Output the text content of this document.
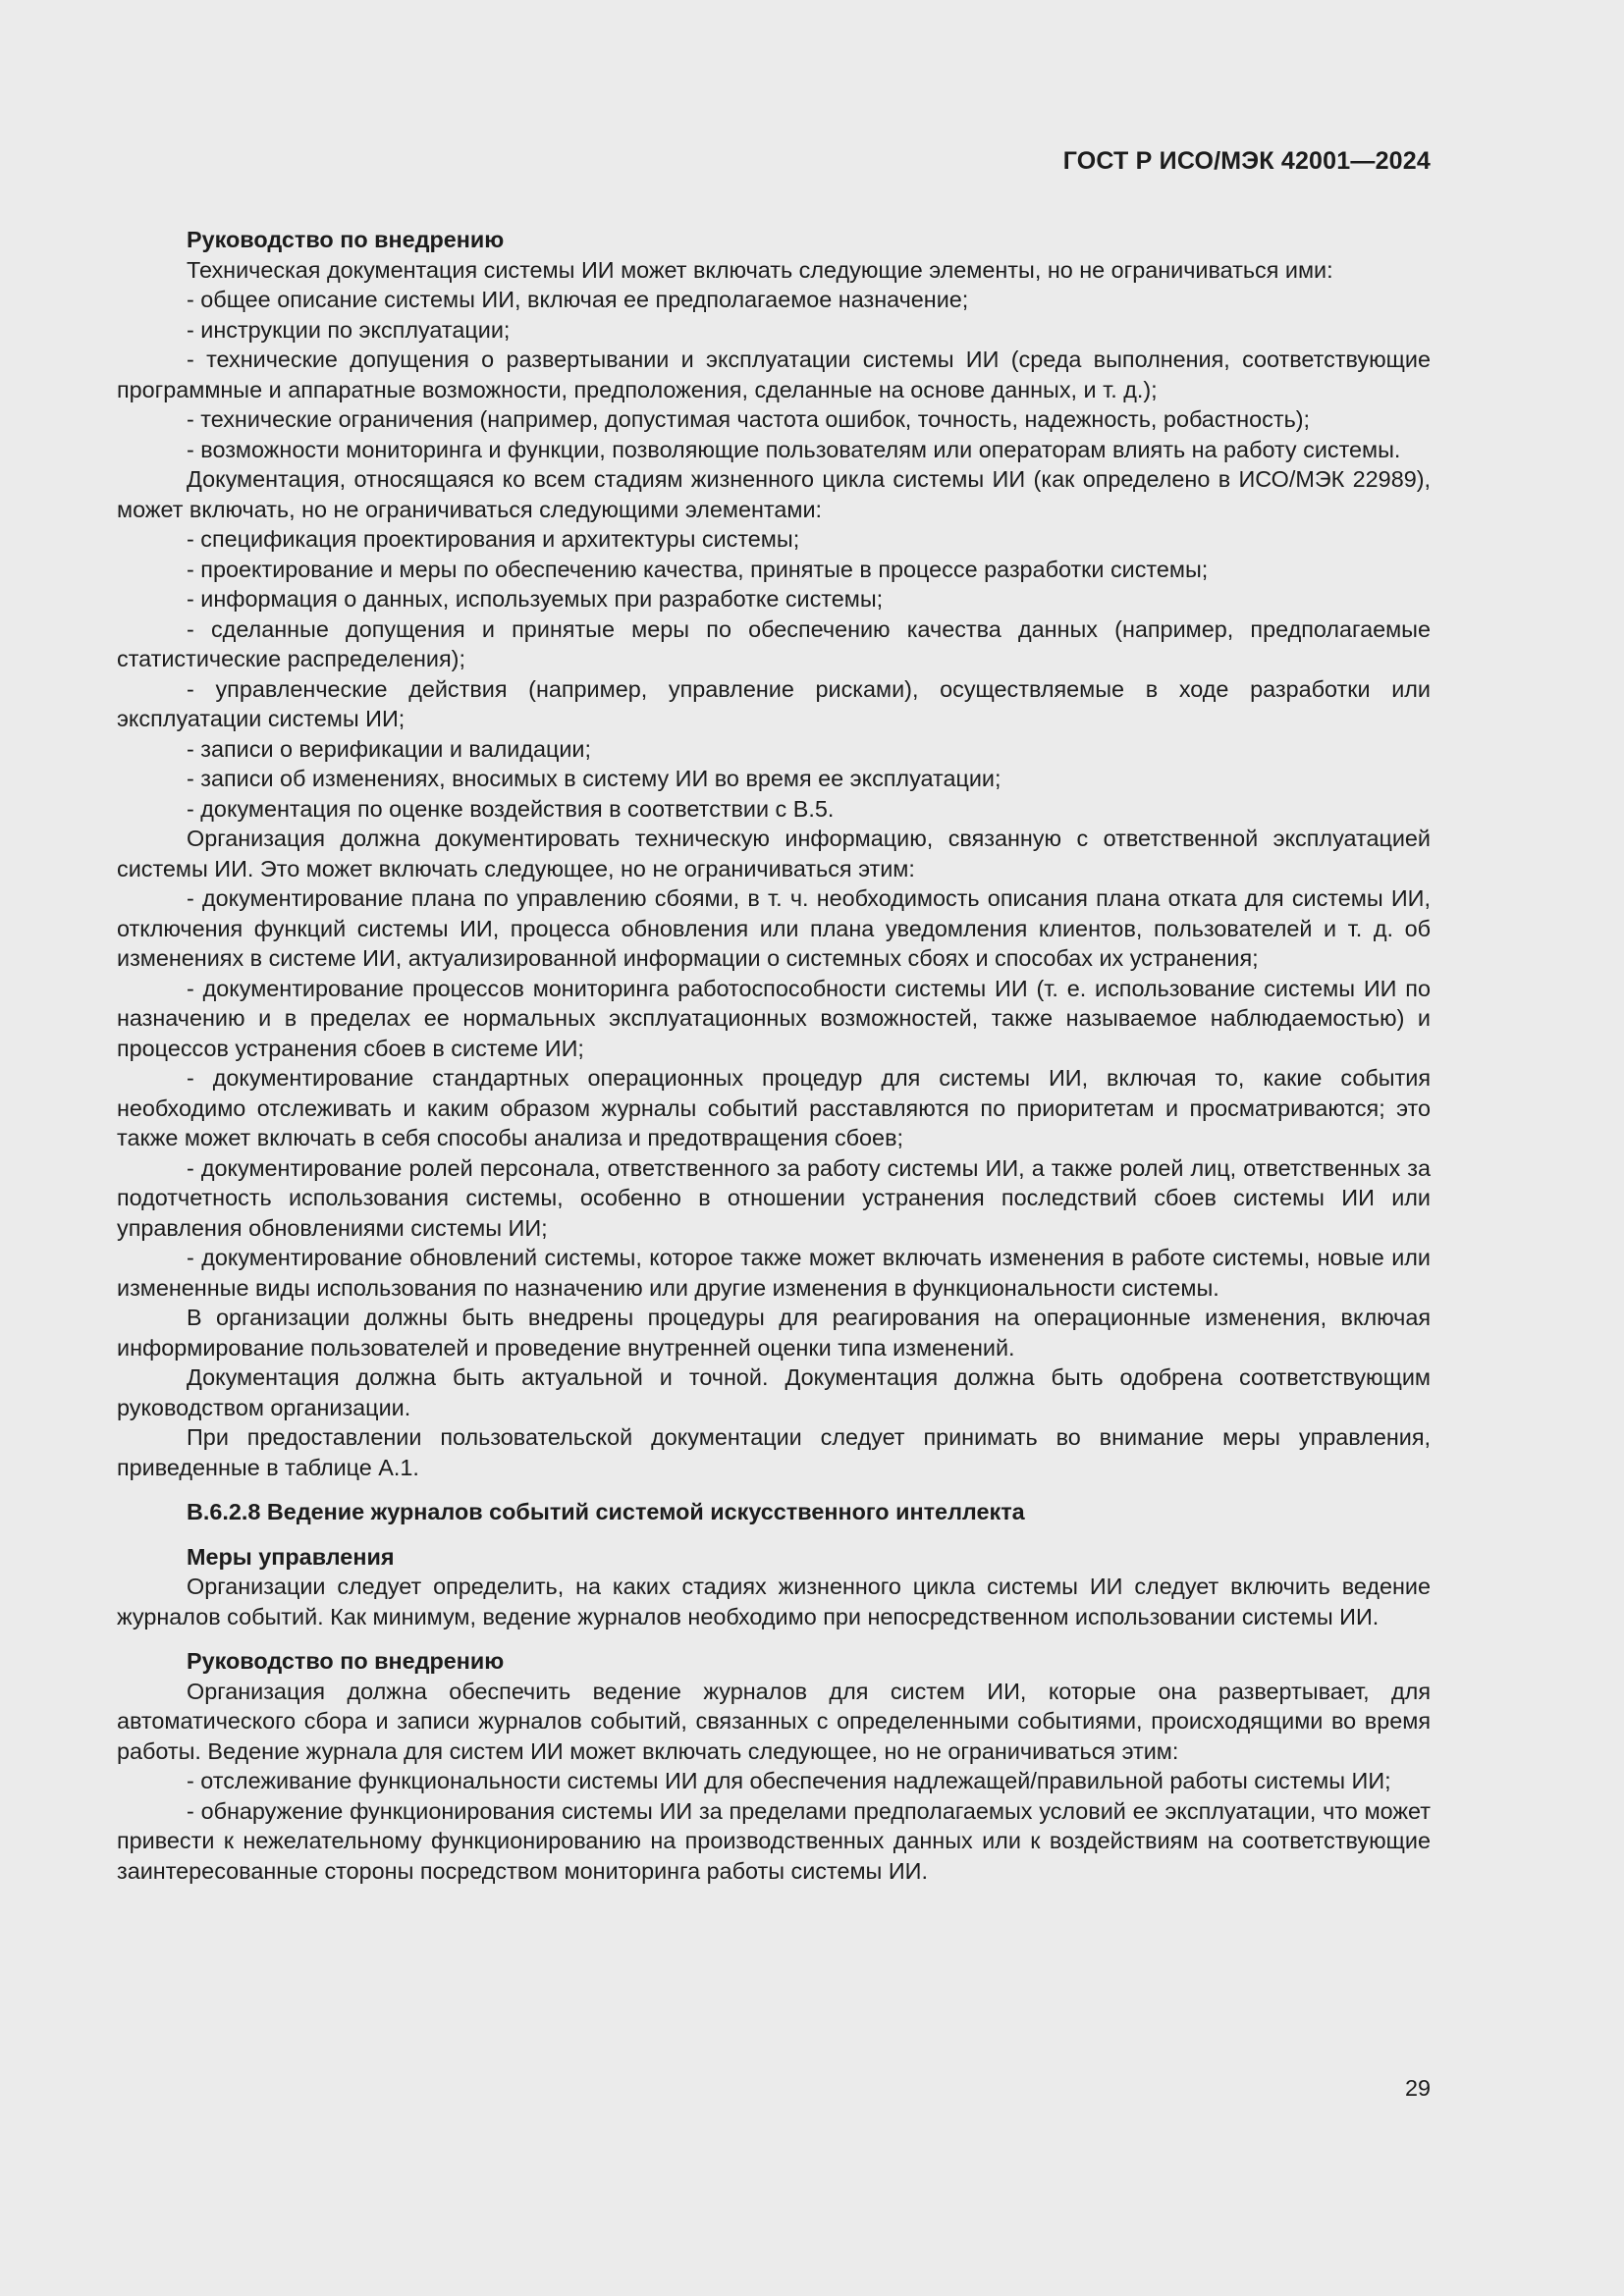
ГОСТ Р ИСО/МЭК 42001—2024

Руководство по внедрению

Техническая документация системы ИИ может включать следующие элементы, но не ограничиваться ими:

- общее описание системы ИИ, включая ее предполагаемое назначение;

- инструкции по эксплуатации;

- технические допущения о развертывании и эксплуатации системы ИИ (среда выполнения, соответствующие программные и аппаратные возможности, предположения, сделанные на основе данных, и т. д.);

- технические ограничения (например, допустимая частота ошибок, точность, надежность, робастность);

- возможности мониторинга и функции, позволяющие пользователям или операторам влиять на работу системы.

Документация, относящаяся ко всем стадиям жизненного цикла системы ИИ (как определено в ИСО/МЭК 22989), может включать, но не ограничиваться следующими элементами:

- спецификация проектирования и архитектуры системы;

- проектирование и меры по обеспечению качества, принятые в процессе разработки системы;

- информация о данных, используемых при разработке системы;

- сделанные допущения и принятые меры по обеспечению качества данных (например, предполагаемые статистические распределения);

- управленческие действия (например, управление рисками), осуществляемые в ходе разработки или эксплуатации системы ИИ;

- записи о верификации и валидации;

- записи об изменениях, вносимых в систему ИИ во время ее эксплуатации;

- документация по оценке воздействия в соответствии с В.5.

Организация должна документировать техническую информацию, связанную с ответственной эксплуатацией системы ИИ. Это может включать следующее, но не ограничиваться этим:

- документирование плана по управлению сбоями, в т. ч. необходимость описания плана отката для системы ИИ, отключения функций системы ИИ, процесса обновления или плана уведомления клиентов, пользователей и т. д. об изменениях в системе ИИ, актуализированной информации о системных сбоях и способах их устранения;

- документирование процессов мониторинга работоспособности системы ИИ (т. е. использование системы ИИ по назначению и в пределах ее нормальных эксплуатационных возможностей, также называемое наблюдаемостью) и процессов устранения сбоев в системе ИИ;

- документирование стандартных операционных процедур для системы ИИ, включая то, какие события необходимо отслеживать и каким образом журналы событий расставляются по приоритетам и просматриваются; это также может включать в себя способы анализа и предотвращения сбоев;

- документирование ролей персонала, ответственного за работу системы ИИ, а также ролей лиц, ответственных за подотчетность использования системы, особенно в отношении устранения последствий сбоев системы ИИ или управления обновлениями системы ИИ;

- документирование обновлений системы, которое также может включать изменения в работе системы, новые или измененные виды использования по назначению или другие изменения в функциональности системы.

В организации должны быть внедрены процедуры для реагирования на операционные изменения, включая информирование пользователей и проведение внутренней оценки типа изменений.

Документация должна быть актуальной и точной. Документация должна быть одобрена соответствующим руководством организации.

При предоставлении пользовательской документации следует принимать во внимание меры управления, приведенные в таблице А.1.

В.6.2.8 Ведение журналов событий системой искусственного интеллекта

Меры управления

Организации следует определить, на каких стадиях жизненного цикла системы ИИ следует включить ведение журналов событий. Как минимум, ведение журналов необходимо при непосредственном использовании системы ИИ.

Руководство по внедрению

Организация должна обеспечить ведение журналов для систем ИИ, которые она развертывает, для автоматического сбора и записи журналов событий, связанных с определенными событиями, происходящими во время работы. Ведение журнала для систем ИИ может включать следующее, но не ограничиваться этим:

- отслеживание функциональности системы ИИ для обеспечения надлежащей/правильной работы системы ИИ;

- обнаружение функционирования системы ИИ за пределами предполагаемых условий ее эксплуатации, что может привести к нежелательному функционированию на производственных данных или к воздействиям на соответствующие заинтересованные стороны посредством мониторинга работы системы ИИ.

29
